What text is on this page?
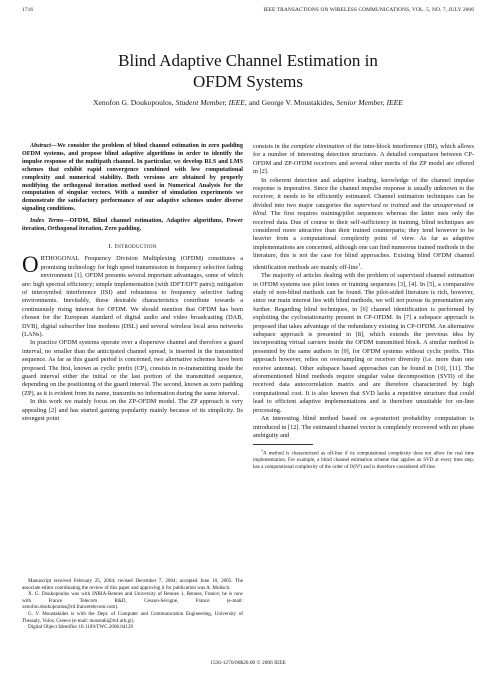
1716	IEEE TRANSACTIONS ON WIRELESS COMMUNICATIONS, VOL. 5, NO. 7, JULY 2006
Blind Adaptive Channel Estimation in
OFDM Systems
Xenofon G. Doukopoulos, Student Member, IEEE, and George V. Moustakides, Senior Member, IEEE

Abstract—We consider the problem of blind channel estimation in zero padding OFDM systems, and propose blind adaptive algorithms in order to identify the impulse response of the multipath channel. In particular, we develop RLS and LMS schemes that exhibit rapid convergence combined with low computational complexity and numerical stability. Both versions are obtained by properly modifying the orthogonal iteration method used in Numerical Analysis for the computation of singular vectors. With a number of simulation experiments we demonstrate the satisfactory performance of our adaptive schemes under diverse signaling conditions.

Index Terms—OFDM, Blind channel estimation, Adaptive algorithms, Power iteration, Orthogonal iteration, Zero padding.

I. Introduction

ORTHOGONAL Frequency Division Multiplexing (OFDM) constitutes a promising technology for high speed transmission in frequency selective fading environment [1]. OFDM presents several important advantages, some of which are: high spectral efficiency; simple implementation (with IDFT/DFT pairs); mitigation of intersymbol interference (ISI) and robustness to frequency selective fading environments. Inevitably, these desirable characteristics contribute towards a continuously rising interest for OFDM. We should mention that OFDM has been chosen for the European standard of digital audio and video broadcasting (DAB, DVB), digital subscriber line modems (DSL) and several wireless local area networks (LANs).

In practice OFDM systems operate over a dispersive channel and therefore a guard interval, no smaller than the anticipated channel spread, is inserted in the transmitted sequence. As far as this guard period is concerned, two alternative schemes have been proposed. The first, known as cyclic prefix (CP), consists in re-transmitting inside the guard interval either the initial or the last portion of the transmitted sequence, depending on the positioning of the guard interval. The second, known as zero padding (ZP), as it is evident from its name, transmits no information during the same interval.

In this work we mainly focus on the ZP-OFDM model. The ZP approach is very appealing [2] and has started gaining popularity mainly because of its simplicity. Its strongest point

Manuscript received February 25, 2004; revised December 7, 2004; accepted June 10, 2005. The associate editor coordinating the review of this paper and approving it for publication was A. Molisch.

X. G. Doukopoulos was with INRIA-Rennes and University of Rennes 1, Rennes, France; he is now with France Telecom R&D, Cesson-Sévigné, France (e-mail: xenofon.doukopoulos@rd.francetelecom.com).

G. V. Moustakides is with the Dept. of Computer and Communication Engineering, University of Thessaly, Volos, Greece (e-mail: moustaki@inf.uth.gr).

Digital Object Identifier 10.1109/TWC.2006.04129

consists in the complete elimination of the inter-block interference (IBI), which allows for a number of interesting detection structures. A detailed comparison between CP-OFDM and ZP-OFDM receivers and several other merits of the ZP model are offered in [2].

In coherent detection and adaptive loading, knowledge of the channel impulse response is imperative. Since the channel impulse response is usually unknown to the receiver, it needs to be efficiently estimated. Channel estimation techniques can be divided into two major categories the supervised or trained and the unsupervised or blind. The first requires training/pilot sequences whereas the latter uses only the received data. Due of course to their self-sufficiency in training, blind techniques are considered more attractive than their trained counterparts; they tend however to be heavier from a computational complexity point of view. As far as adaptive implementations are concerned, although one can find numerous trained methods in the literature, this is not the case for blind approaches. Existing blind OFDM channel identification methods are mainly off-line$^1$.

The majority of articles dealing with the problem of supervised channel estimation in OFDM systems use pilot tones or training sequences [3], [4]. In [5], a comparative study of non-blind methods can be found. The pilot-aided literature is rich, however, since our main interest lies with blind methods, we will not pursue its presentation any further. Regarding blind techniques, in [6] channel identification is performed by exploiting the cyclostationarity present in CP-OFDM. In [7] a subspace approach is proposed that takes advantage of the redundancy existing in CP-OFDM. An alternative subspace approach is presented in [8], which extends the previous idea by incorporating virtual carriers inside the OFDM transmitted block. A similar method is presented by the same authors in [9], for OFDM systems without cyclic prefix. This approach however, relies on oversampling or receiver diversity (i.e. more than one receive antenna). Other subspace based approaches can be found in [10], [11]. The aforementioned blind methods require singular value decomposition (SVD) of the received data autocorrelation matrix and are therefore characterized by high computational cost. It is also known that SVD lacks a repetitive structure that could lead to efficient adaptive implementations and is therefore unsuitable for on-line processing.

An interesting blind method based on a-posteriori probability computation is introduced in [12]. The estimated channel vector is completely recovered with no phase ambiguity and

$^1$A method is characterized as off-line if its computational complexity does not allow for real time implementation. For example, a blind channel estimation scheme that applies an SVD at every time step, has a computational complexity of the order of O(N³) and is therefore considered off-line.

1536-1276/06$20.00 © 2006 IEEE
